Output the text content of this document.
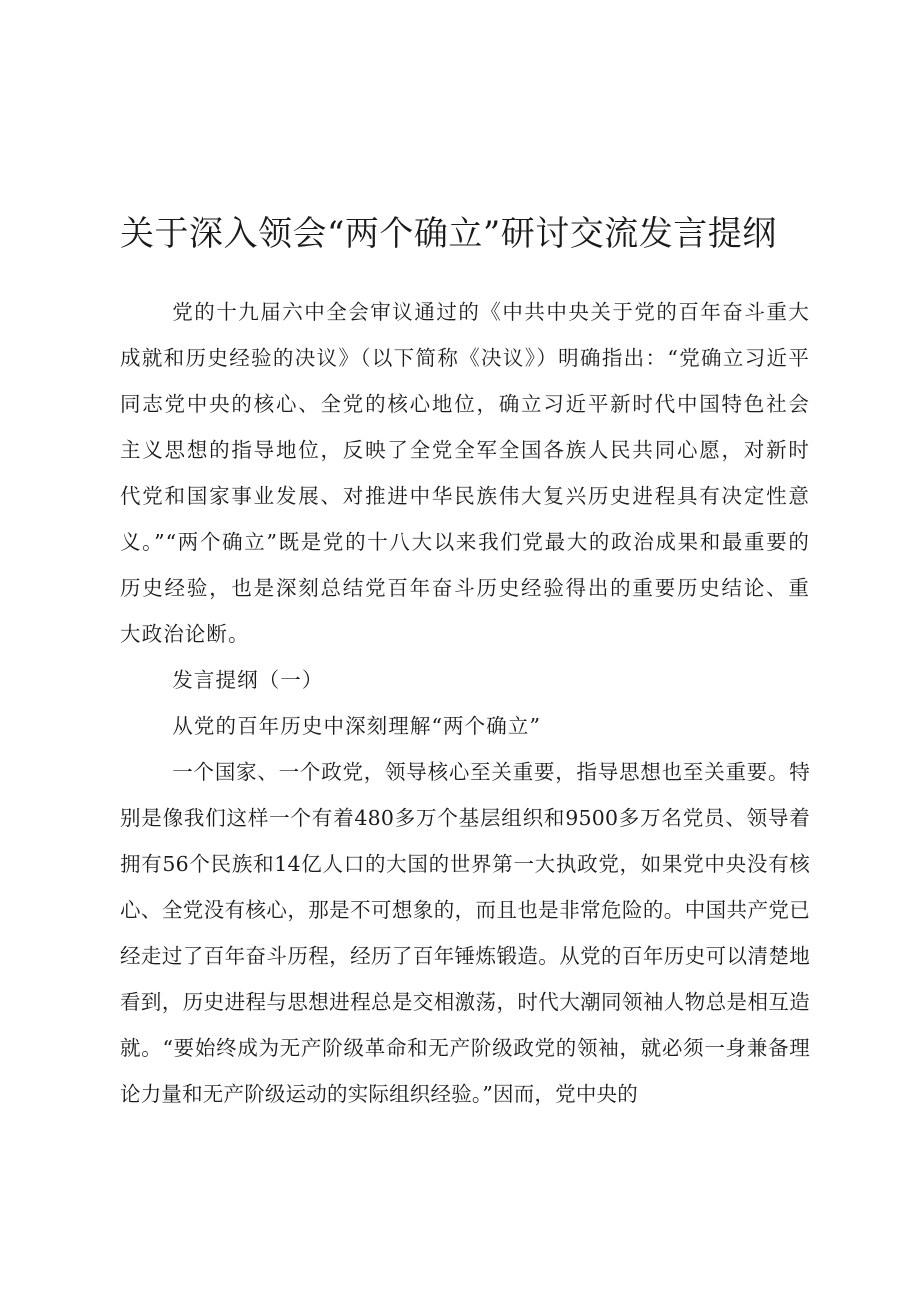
关于深入领会“两个确立”研讨交流发言提纲

党的十九届六中全会审议通过的《中共中央关于党的百年奋斗重大成就和历史经验的决议》（以下简称《决议》）明确指出：“党确立习近平同志党中央的核心、全党的核心地位，确立习近平新时代中国特色社会主义思想的指导地位，反映了全党全军全国各族人民共同心愿，对新时代党和国家事业发展、对推进中华民族伟大复兴历史进程具有决定性意义。”“两个确立”既是党的十八大以来我们党最大的政治成果和最重要的历史经验，也是深刻总结党百年奋斗历史经验得出的重要历史结论、重大政治论断。

发言提纲（一）

从党的百年历史中深刻理解“两个确立”

一个国家、一个政党，领导核心至关重要，指导思想也至关重要。特别是像我们这样一个有着480多万个基层组织和9500多万名党员、领导着拥有56个民族和14亿人口的大国的世界第一大执政党，如果党中央没有核心、全党没有核心，那是不可想象的，而且也是非常危险的。中国共产党已经走过了百年奋斗历程，经历了百年锤炼锻造。从党的百年历史可以清楚地看到，历史进程与思想进程总是交相激荡，时代大潮同领袖人物总是相互造就。“要始终成为无产阶级革命和无产阶级政党的领袖，就必须一身兼备理论力量和无产阶级运动的实际组织经验。”因而，党中央的
